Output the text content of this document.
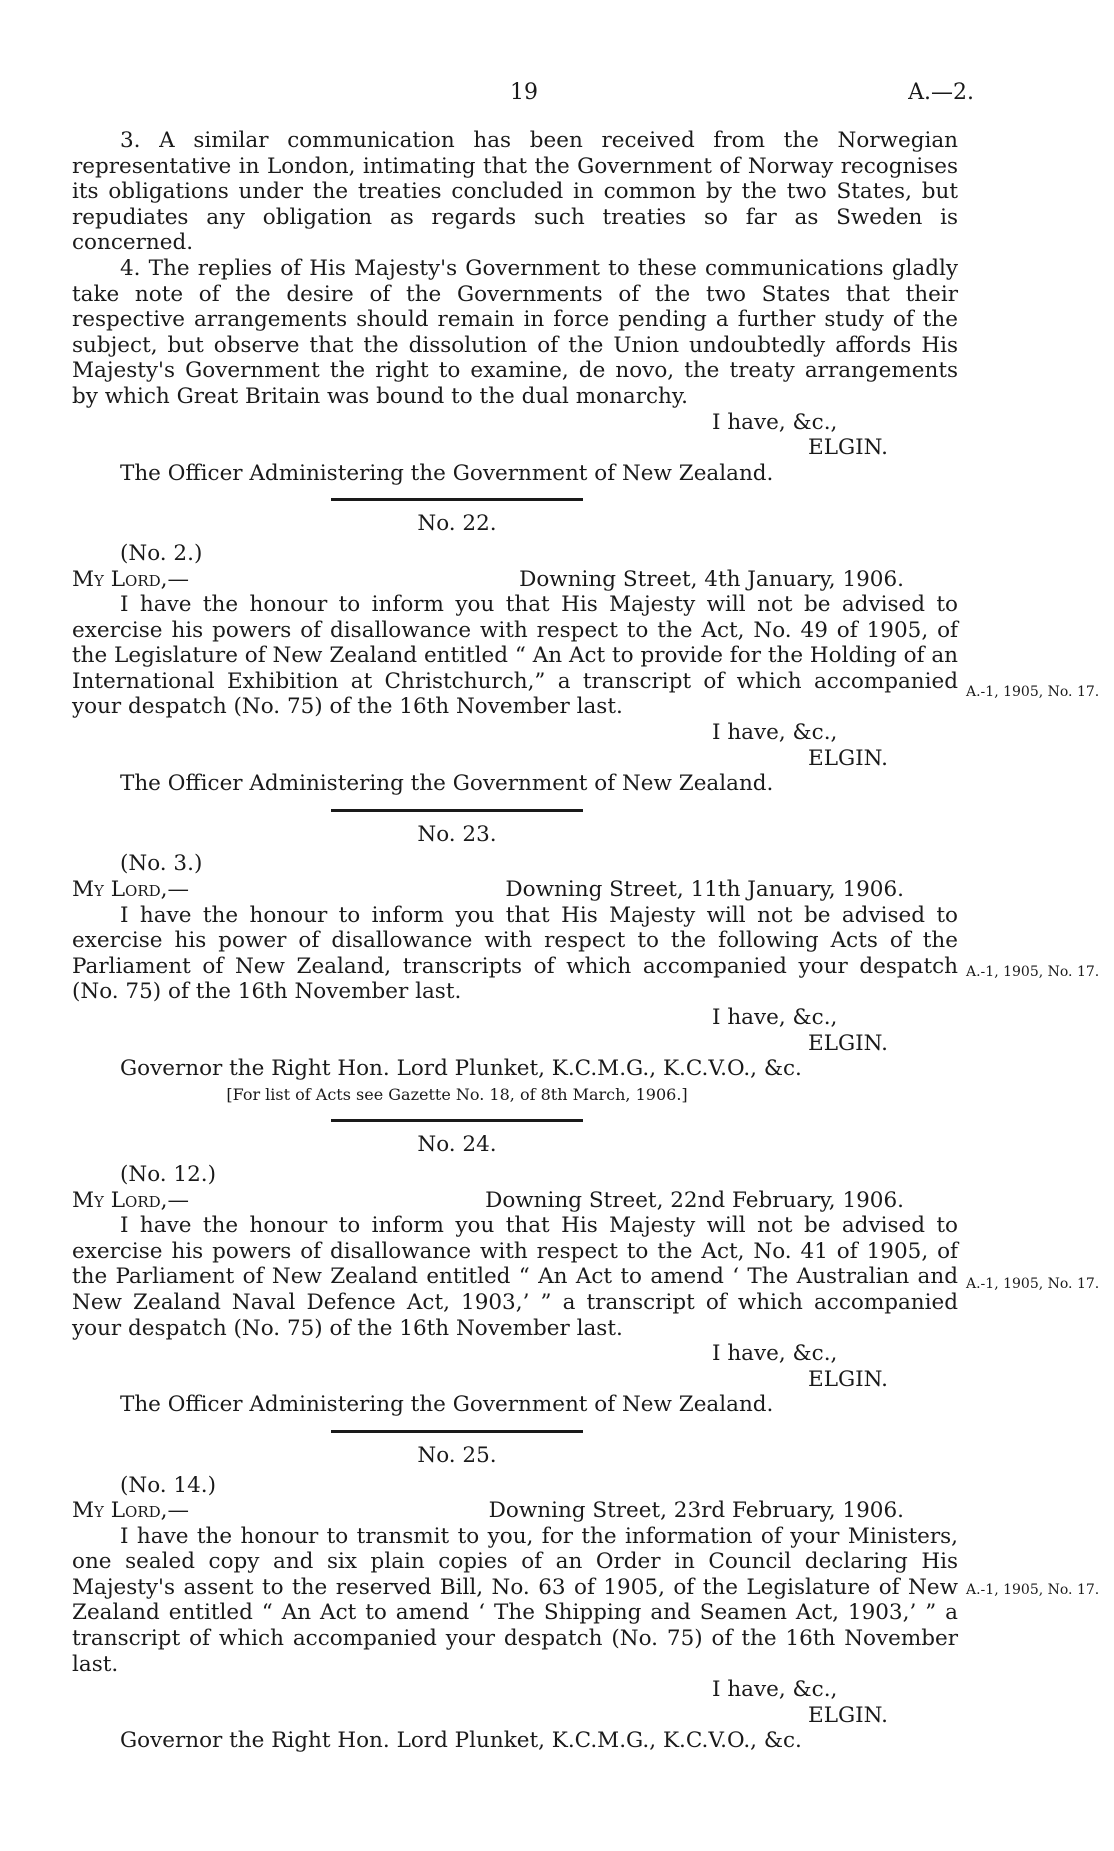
19	A.—2.

3. A similar communication has been received from the Norwegian representative in London, intimating that the Government of Norway recognises its obligations under the treaties concluded in common by the two States, but repudiates any obligation as regards such treaties so far as Sweden is concerned.

4. The replies of His Majesty's Government to these communications gladly take note of the desire of the Governments of the two States that their respective arrangements should remain in force pending a further study of the subject, but observe that the dissolution of the Union undoubtedly affords His Majesty's Government the right to examine, de novo, the treaty arrangements by which Great Britain was bound to the dual monarchy.

I have, &c.,
ELGIN.
The Officer Administering the Government of New Zealand.
No. 22.
(No. 2.)
My Lord,—	Downing Street, 4th January, 1906.

I have the honour to inform you that His Majesty will not be advised to exercise his powers of disallowance with respect to the Act, No. 49 of 1905, of the Legislature of New Zealand entitled “ An Act to provide for the Holding of an International Exhibition at Christchurch,” a transcript of which accompanied your despatch (No. 75) of the 16th November last.

I have, &c.,
ELGIN.
The Officer Administering the Government of New Zealand.
No. 23.
(No. 3.)
My Lord,—	Downing Street, 11th January, 1906.

I have the honour to inform you that His Majesty will not be advised to exercise his power of disallowance with respect to the following Acts of the Parliament of New Zealand, transcripts of which accompanied your despatch (No. 75) of the 16th November last.

I have, &c.,
ELGIN.
Governor the Right Hon. Lord Plunket, K.C.M.G., K.C.V.O., &c.
[For list of Acts see Gazette No. 18, of 8th March, 1906.]
No. 24.
(No. 12.)
My Lord,—	Downing Street, 22nd February, 1906.

I have the honour to inform you that His Majesty will not be advised to exercise his powers of disallowance with respect to the Act, No. 41 of 1905, of the Parliament of New Zealand entitled “ An Act to amend ‘ The Australian and New Zealand Naval Defence Act, 1903,’ ” a transcript of which accompanied your despatch (No. 75) of the 16th November last.

I have, &c.,
ELGIN.
The Officer Administering the Government of New Zealand.
No. 25.
(No. 14.)
My Lord,—	Downing Street, 23rd February, 1906.

I have the honour to transmit to you, for the information of your Ministers, one sealed copy and six plain copies of an Order in Council declaring His Majesty's assent to the reserved Bill, No. 63 of 1905, of the Legislature of New Zealand entitled “ An Act to amend ‘ The Shipping and Seamen Act, 1903,’ ” a transcript of which accompanied your despatch (No. 75) of the 16th November last.

I have, &c.,
ELGIN.
Governor the Right Hon. Lord Plunket, K.C.M.G., K.C.V.O., &c.
A.-1, 1905, No. 17.
A.-1, 1905, No. 17.
A.-1, 1905, No. 17.
A.-1, 1905, No. 17.
